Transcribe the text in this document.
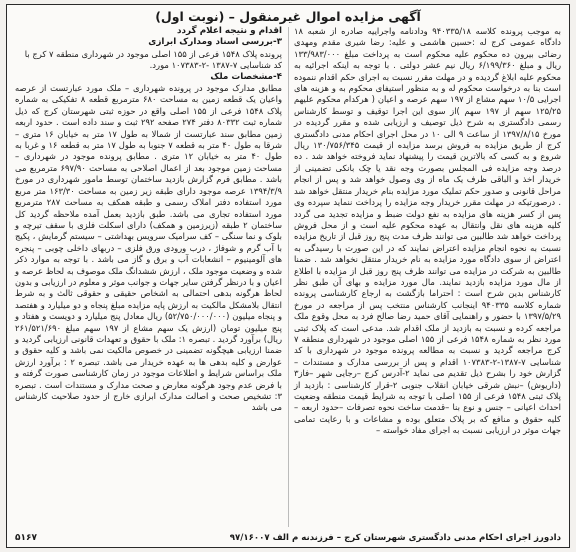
آگهی مزایده اموال غیرمنقول – (نوبت اول)

به موجب پرونده کلاسه ۹۴۰۳۳۵/۱۸ ودادنامه واجراییه صادره از شعبه ۱۸ دادگاه عمومی کرج له :حسین هاشمی و علیه: رضا شیری مقدم ومهدی رضائی بیرون ده محکوم علیه محکوم است به پرداخت مبلغ ۱۳۳/۹۸۳/۰۰۰ ریال و مبلغ ۶/۱۹۹/۳۶۰ ریال نیم عشر دولتی . با توجه به اینکه اجرائیه به محکوم علیه ابلاغ گردیده و در مهلت مقرر نسبت به اجرای حکم اقدام ننموده است بنا به درخواست محکوم له و به منظور استیفای محکوم به و هزینه های اجرایی ۱۰/۵ سهم مشاع از ۱۹۷ سهم عرصه و اعیان ( هرکدام محکوم علیهم ۱۲۵/۲۵ سهم از ۱۹۷ سهم )از سوی این اجرا توقیف و توسط کارشناس رسمی دادگستری به شرح ذیل توصیف و ارزیابی شده و مقرر گردیده در مورخ ۱۳۹۷/۸/۱۵ از ساعت ۹ الی ۱۰ در محل اجرای احکام مدنی دادگستری کرج از طریق مزایده به فروش برسد مزایده از قیمت ۱۳۰/۷۵۶/۳۴۵ ریال شروع و به کسی که بالاترین قیمت را پیشنهاد نماید فروخته خواهد شد . ده درصد وجه مزایده فی المجلس بصورت وجه نقد یا چک بانکی تضمینی از خریدار اخذ و الباقی ظرف یک ماه از وی وصول خواهد شد و پس از انجام مراحل قانونی و صدور حکم تملیک مورد مزایده بنام خریدار منتقل خواهد شد . درصورتیکه در مهلت مقرر خریدار وجه مزایده را پرداخت ننماید سپرده وی پس از کسر هزینه های مزایده به نفع دولت ضبط و مزایده تجدید می گردد کلیه هزینه های نقل وانتقال به عهده محکوم علیه است و از محل فروش پرداخت خواهد شد طالبین می توانند ظرف مدت پنج روز قبل از تاریخ مزایده نسبت به نحوه انجام مزایده اعتراض نمایند که در این صورت با رسیدگی به اعتراض از سوی دادگاه مورد مزایده به نام خریدار منتقل نخواهد شد . ضمنا طالبین به شرکت در مزایده می توانند ظرف پنج روز قبل از مزایده با اطلاع از مال مورد مزایده بازدید نمایند. مال مورد مزایده و بهای آن طبق نظر کارشناس بدین شرح است : احتراما بازگشت به ارجاع کارشناسی پرونده شماره کلاسه ۹۴۰۳۳۵ اینجانب کارشناس منتخب پس از مراجعه در مورخ ۱۳۹۷/۵/۲۹ با حضور و راهنمایی آقای حمید رضا صالح فرد به محل وقوع ملک مراجعه کرده و نسبت به بازدید از ملک اقدام شد. مدعی است که پلاک ثبتی مورد نظر به شماره ۱۵۴۸ فرعی از ۱۵۵ اصلی موجود در شهرداری منطقه ۷ کرج مراجعه گردید و نسبت به مطالعه پرونده موجود در شهرداری با کد شناسایی ۷-۱۳۸۷-۲-۱۰۷۳۸۳ اقدام و پس از بررسی مدارک و مستندات – گزارش خود را بشرح ذیل تقدیم می نماید ۲-آدرس کرج –رجایی شهر –فاز۳ (داریوش) –نبش شرقی خیابان انقلاب جنوبی ۲-قرار کارشناسی : بازدید از پلاک ثبتی ۱۵۴۸ فرعی از ۱۵۵ اصلی با توجه به شرایط قیمت منطقه وضعیت احداث اعیانی – جنس و نوع بنا –قدمت ساخت نحوه تصرفات –حدود اربعه – کلیه حقوق و منافع که بر پلاک متعلق بوده و مشاعات و با رعایت تمامی جهات موثر در ارزیابی نسبت به اجرای مفاد خواسته –

اقدام و نتیجه اعلام گردد

۳-بررسی اسناد ومدارک ابرازی

پرونده پلاک ۱۵۴۸ فرعی از ۱۵۵ اصلی موجود در شهرداری منطقه ۷ کرج با

کد شناسایی ۷-۱۳۸۷ -۲-۱۰۷۳۸۳ مورد.

۴-مشخصات ملک

مطابق مدارک موجود در پرونده شهرداری – ملک مورد عبارتست از عرصه واعیان یک قطعه زمین به مساحت ۶۸۰ مترمربع قطعه ۸ تفکیکی به شماره پلاک ۱۵۴۸ فرعی از ۱۵۵ اصلی واقع در حوزه ثبتی شهرستان کرج که ذیل شماره ثبت ۸۰۳۳۲ دفتر ۲۷۴ صفحه ۲۹۲ ثبت و سند داده است . حدود اربعه زمین مطابق سند عبارتست از شمالا به طول ۱۷ متر به خیابان ۱۶ متری – شرقا به طول ۴۰ متر به قطعه ۷ جنوبا به طول ۱۷ متر به قطعه ۱۶ و غربا به طول ۴۰ متر به خیابان ۱۲ متری . مطابق پرونده موجود در شهرداری – مساحت زمین موجود بعد از اعمال اصلاحی به مساحت ۶۹۷/۹۰ مترمربع می باشد . مطابق فرم گزارش بازدید ساختمان توسط مامور شهرداری در مورخ ۱۳۹۴/۳/۹ عرصه موجود دارای طبقه زیر زمین به مساحت ۱۶۳/۳۰ متر مربع مورد استفاده دفتر املاک رسمی و طبقه همکف به مساحت ۲۸۷ مترمربع مورد استفاده تجاری می باشد. طبق بازدید بعمل آمده ملاحظه گردید کل ساختمان ۲ طبقه (زیرزمین و همکف) دارای اسکلت فلزی با سقف تیرچه و بلوک و نما سنگی – کف سرامیک سرویس بهداشتی – سیستم گرمایش ، پکیج با آب گرم و شوفاژ ، درب ورودی ورق فلزی – دربهای داخلی چوبی – پنجره های آلومینیوم – انشعابات آب و برق و گاز می باشد . با توجه به موارد ذکر شده و وضعیت موجود ملک ، ارزش ششدانگ ملک موصوف به لحاظ عرصه و اعیان و با درنظر گرفتن سایر جهات و جوانب موثر و معلوم در ارزیابی و بدون لحاظ هرگونه بدهی احتمالی به اشخاص حقیقی و حقوقی ثالث و به شرط انتقال بلامشکل مالکیت به ارزش پایه مزایده مبلغ پنجاه و دو میلیارد و هفتصد و پنجاه میلیون (۵۲/۷۵۰/۰۰۰/۰۰۰) ریال معادل پنج میلیارد و دویست و هفتاد و پنج میلیون تومان (ارزش یک سهم مشاع از ۱۹۷ سهم مبلغ ۲۶۱/۵۲۱/۶۹۰ ریال) برآورد گردید . تبصره ۱: ملک با حقوق و تعهدات قانونی ارزیابی گردید و ضمنا ارزیابی هیچگونه تضمینی در خصوص مالکیت نمی باشد و کلیه حقوق و عوارض و کلیه بدهی ها به عهده خریدار می باشد. تبصره ۲ : برآورد ارزش ملک براساس شرایط و اطلاعات موجود در زمان کارشناسی صورت گرفته و با فرض عدم وجود هرگونه معارض و صحت مدارک و مستندات است . تبصره ۳: تشخیص صحت و اصالت مدارک ابرازی خارج از حدود صلاحیت کارشناس می باشد

دادورز اجرای احکام مدنی دادگستری شهرستان کرج – فرزندنه م الف ۹۷/۱۶۰۰۷
۵۱۶۷
